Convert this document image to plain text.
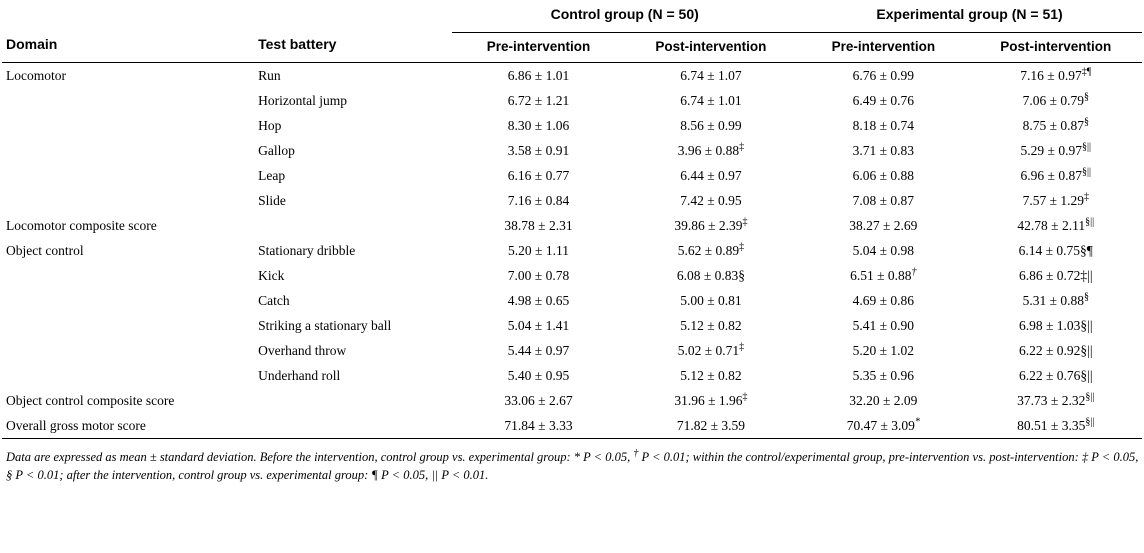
Domain	Test battery	Control group (N = 50)		Experimental group (N = 51)	
		Pre-intervention	Post-intervention	Pre-intervention	Post-intervention
Locomotor	Run	6.86 ± 1.01	6.74 ± 1.07	6.76 ± 0.99	7.16 ± 0.97‡¶
	Horizontal jump	6.72 ± 1.21	6.74 ± 1.01	6.49 ± 0.76	7.06 ± 0.79§
	Hop	8.30 ± 1.06	8.56 ± 0.99	8.18 ± 0.74	8.75 ± 0.87§
	Gallop	3.58 ± 0.91	3.96 ± 0.88‡	3.71 ± 0.83	5.29 ± 0.97§||
	Leap	6.16 ± 0.77	6.44 ± 0.97	6.06 ± 0.88	6.96 ± 0.87§||
	Slide	7.16 ± 0.84	7.42 ± 0.95	7.08 ± 0.87	7.57 ± 1.29‡
Locomotor composite score		38.78 ± 2.31	39.86 ± 2.39‡	38.27 ± 2.69	42.78 ± 2.11§||
Object control	Stationary dribble	5.20 ± 1.11	5.62 ± 0.89‡	5.04 ± 0.98	6.14 ± 0.75§¶
	Kick	7.00 ± 0.78	6.08 ± 0.83§	6.51 ± 0.88†	6.86 ± 0.72‡||
	Catch	4.98 ± 0.65	5.00 ± 0.81	4.69 ± 0.86	5.31 ± 0.88§
	Striking a stationary ball	5.04 ± 1.41	5.12 ± 0.82	5.41 ± 0.90	6.98 ± 1.03§||
	Overhand throw	5.44 ± 0.97	5.02 ± 0.71‡	5.20 ± 1.02	6.22 ± 0.92§||
	Underhand roll	5.40 ± 0.95	5.12 ± 0.82	5.35 ± 0.96	6.22 ± 0.76§||
Object control composite score		33.06 ± 2.67	31.96 ± 1.96‡	32.20 ± 2.09	37.73 ± 2.32§||
Overall gross motor score		71.84 ± 3.33	71.82 ± 3.59	70.47 ± 3.09*	80.51 ± 3.35§||
Data are expressed as mean ± standard deviation. Before the intervention, control group vs. experimental group: * P < 0.05, † P < 0.01; within the control/experimental group, pre-intervention vs. post-intervention: ‡ P < 0.05, § P < 0.01; after the intervention, control group vs. experimental group: ¶ P < 0.05, || P < 0.01.
